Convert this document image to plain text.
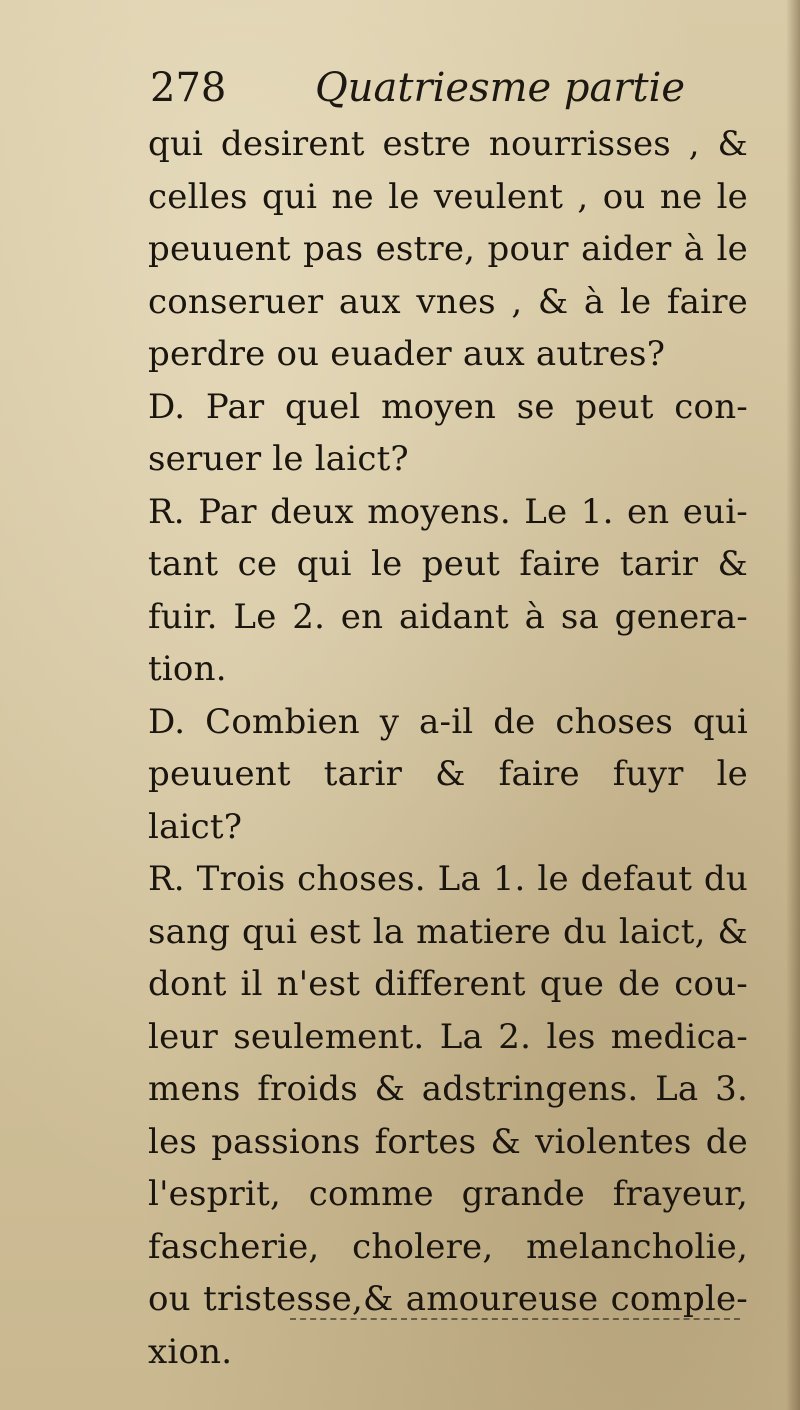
278 Quatriesme partie
qui desirent estre nourrisses , &
celles qui ne le veulent , ou ne le
peuuent pas estre, pour aider à le
conseruer aux vnes , & à le faire
perdre ou euader aux autres?
D. Par quel moyen se peut con-
seruer le laict?
R. Par deux moyens. Le 1. en eui-
tant ce qui le peut faire tarir &
fuir. Le 2. en aidant à sa genera-
tion.
D. Combien y a-il de choses qui
peuuent tarir & faire fuyr le
laict?
R. Trois choses. La 1. le defaut du
sang qui est la matiere du laict, &
dont il n'est different que de cou-
leur seulement. La 2. les medica-
mens froids & adstringens. La 3.
les passions fortes & violentes de
l'esprit, comme grande frayeur,
fascherie, cholere, melancholie,
ou tristesse,& amoureuse comple-
xion.
